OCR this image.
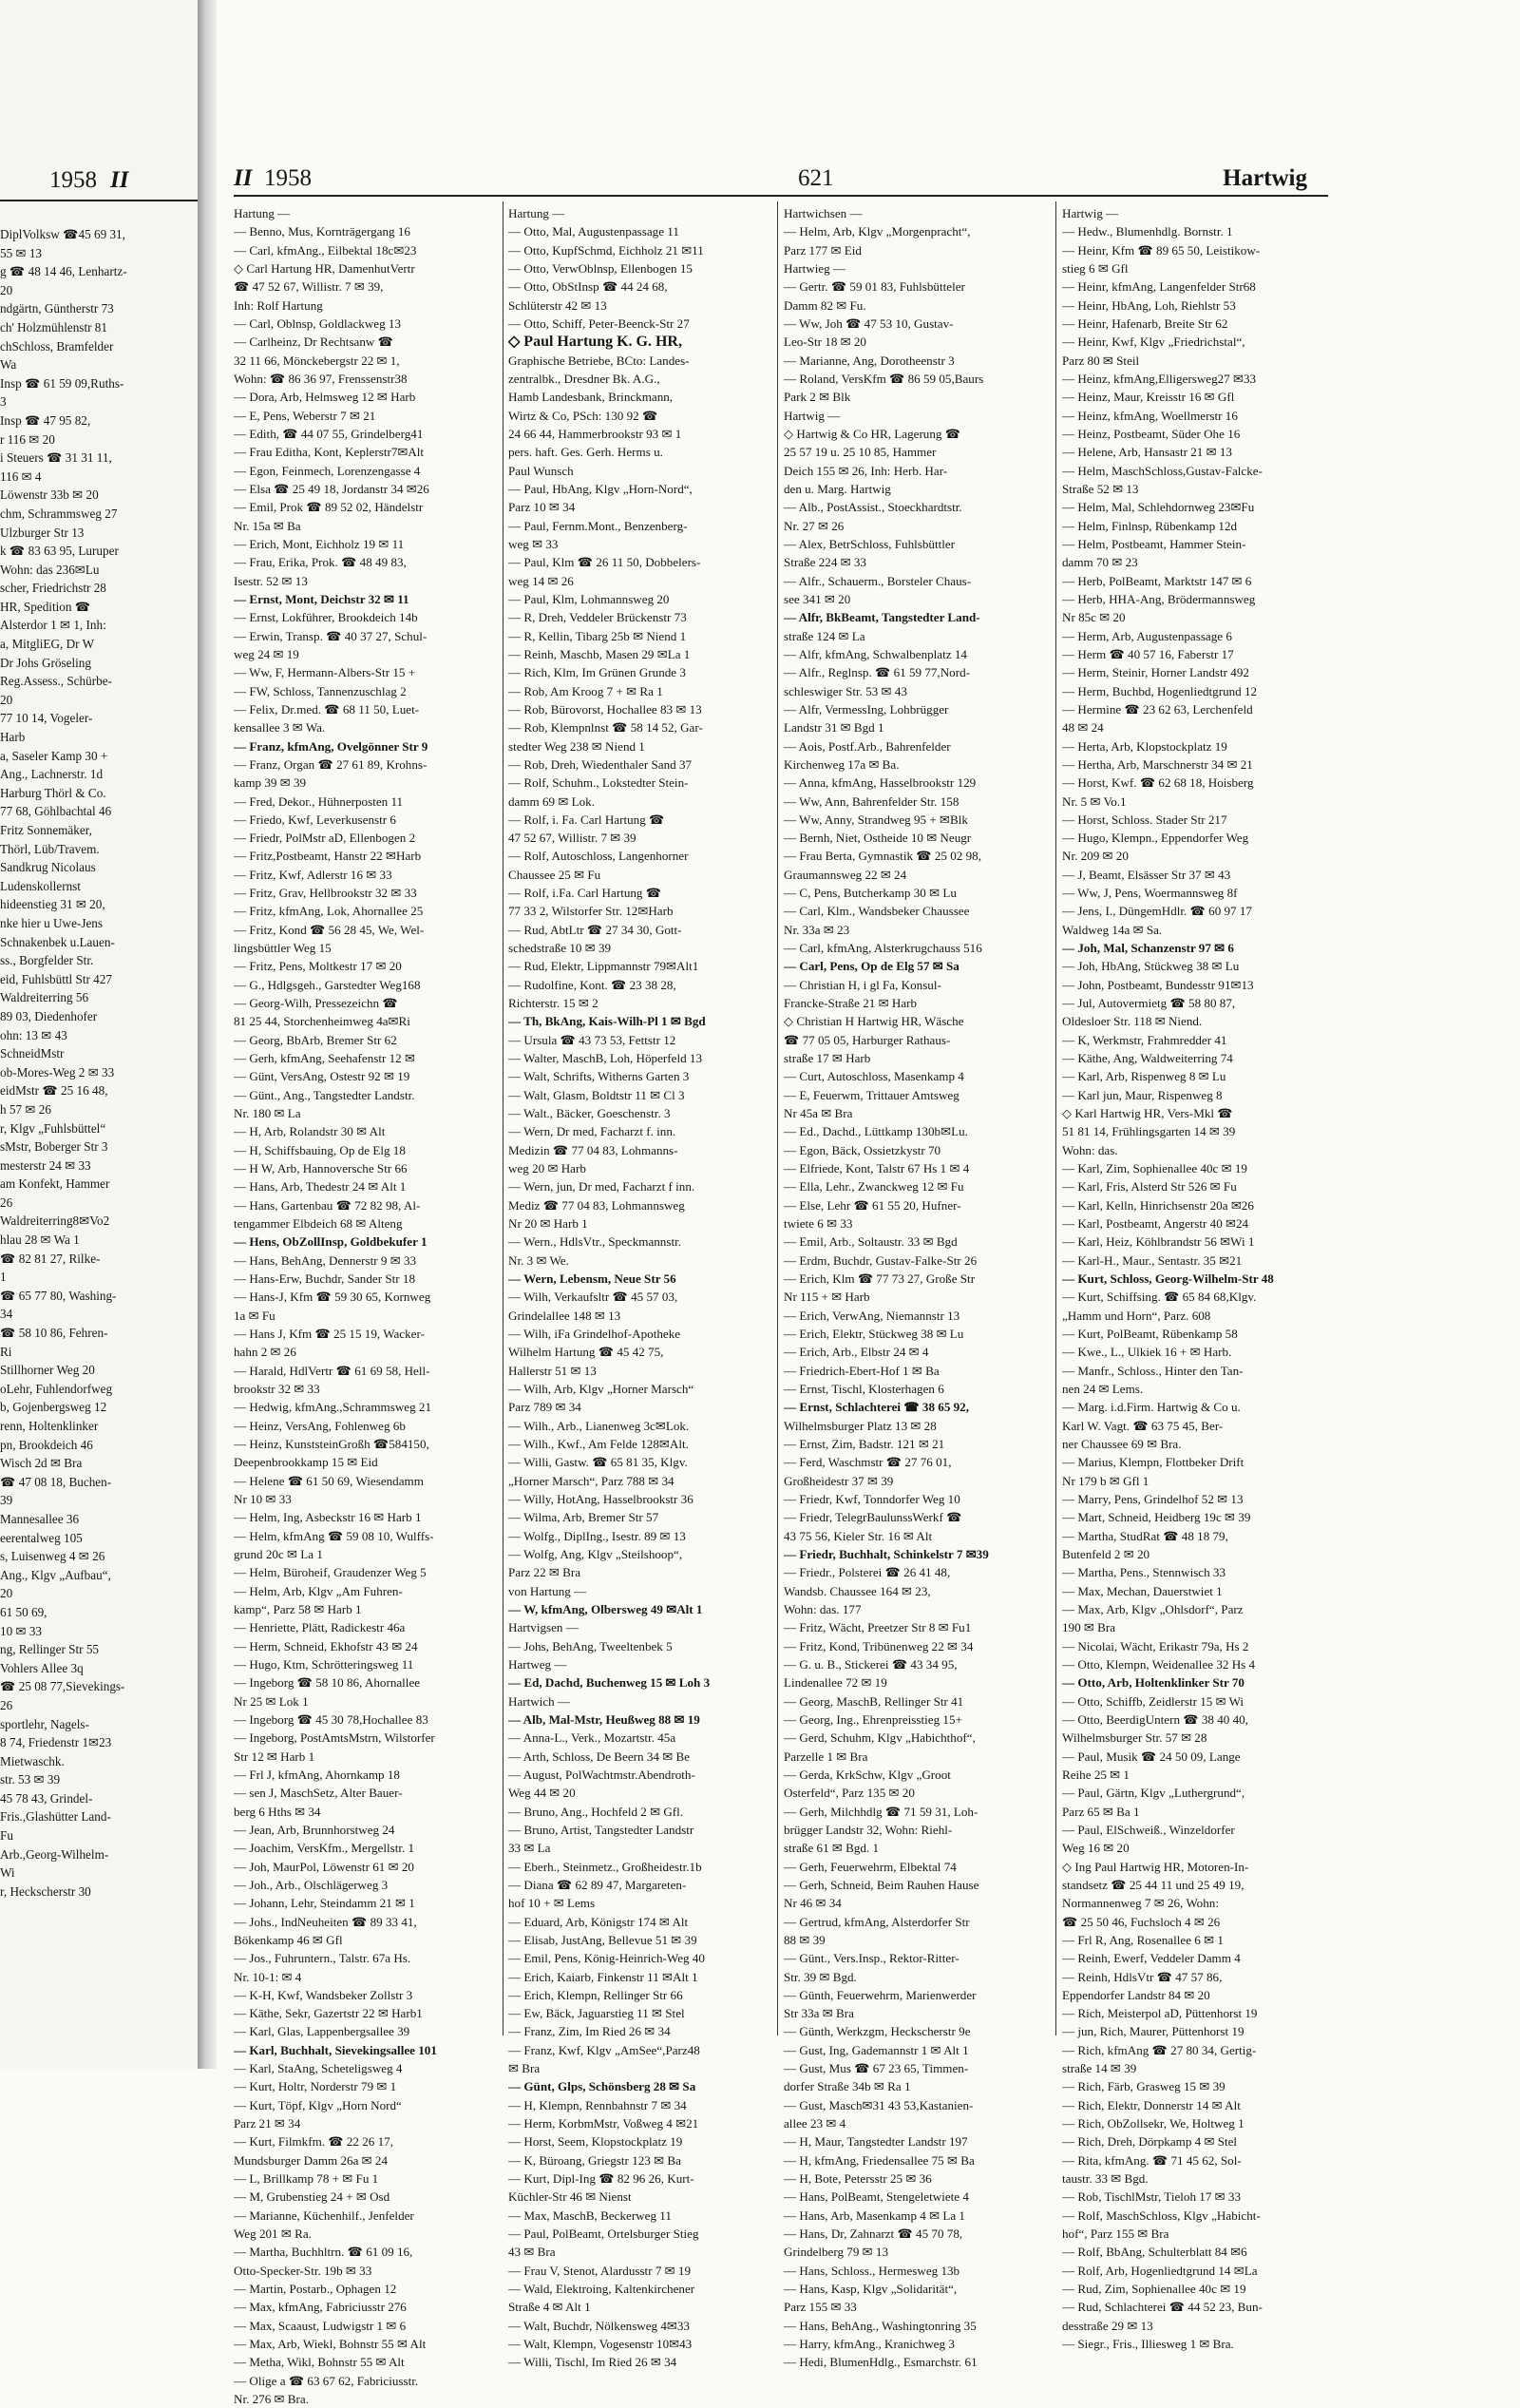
1958 II
DiplVolksw ☎45 69 31,
55 ✉ 13
g ☎ 48 14 46, Lenhartz-
20
ndgärtn, Güntherstr 73
ch' Holzmühlenstr 81
chSchloss, Bramfelder
Wa
Insp ☎ 61 59 09,Ruths-
3
Insp ☎ 47 95 82,
r 116 ✉ 20
i Steuers ☎ 31 31 11,
116 ✉ 4
Löwenstr 33b ✉ 20
chm, Schrammsweg 27
Ulzburger Str 13
k ☎ 83 63 95, Luruper
Wohn: das 236✉Lu
scher, Friedrichstr 28
HR, Spedition ☎
Alsterdor 1 ✉ 1, Inh:
a, MitgliEG, Dr W
Dr Johs Gröseling
Reg.Assess., Schürbe-
20
77 10 14, Vogeler-
Harb
a, Saseler Kamp 30 +
Ang., Lachnerstr. 1d
Harburg Thörl & Co.
77 68, Göhlbachtal 46
Fritz Sonnemäker,
Thörl, Lüb/Travem.
Sandkrug Nicolaus
Ludenskollernst
hideenstieg 31 ✉ 20,
nke hier u Uwe-Jens
Schnakenbek u.Lauen-
ss., Borgfelder Str.
eid, Fuhlsbüttl Str 427
Waldreiterring 56
89 03, Diedenhofer
ohn: 13 ✉ 43
SchneidMstr
ob-Mores-Weg 2 ✉ 33
eidMstr ☎ 25 16 48,
h 57 ✉ 26
r, Klgv „Fuhlsbüttel“
sMstr, Boberger Str 3
mesterstr 24 ✉ 33
am Konfekt, Hammer
26
Waldreiterring8✉Vo2
hlau 28 ✉ Wa 1
☎ 82 81 27, Rilke-
1
☎ 65 77 80, Washing-
34
☎ 58 10 86, Fehren-
Ri
Stillhorner Weg 20
oLehr, Fuhlendorfweg
b, Gojenbergsweg 12
renn, Holtenklinker
pn, Brookdeich 46
Wisch 2d ✉ Bra
☎ 47 08 18, Buchen-
39
Mannesallee 36
eerentalweg 105
s, Luisenweg 4 ✉ 26
Ang., Klgv „Aufbau“,
20
61 50 69,
10 ✉ 33
ng, Rellinger Str 55
Vohlers Allee 3q
☎ 25 08 77,Sievekings-
26
sportlehr, Nagels-
8 74, Friedenstr 1✉23
Mietwaschk.
str. 53 ✉ 39
45 78 43, Grindel-
Fris.,Glashütter Land-
Fu
Arb.,Georg-Wilhelm-
Wi
r, Heckscherstr 30
II 1958	621	Hartwig
Hartung —
— Benno, Mus, Kornträgergang 16
— Carl, kfmAng., Eilbektal 18c✉23
◇ Carl Hartung HR, DamenhutVertr
☎ 47 52 67, Willistr. 7 ✉ 39,
Inh: Rolf Hartung
— Carl, Oblnsp, Goldlackweg 13
— Carlheinz, Dr Rechtsanw ☎
32 11 66, Mönckebergstr 22 ✉ 1,
Wohn: ☎ 86 36 97, Frenssenstr38
— Dora, Arb, Helmsweg 12 ✉ Harb
— E, Pens, Weberstr 7 ✉ 21
— Edith, ☎ 44 07 55, Grindelberg41
— Frau Editha, Kont, Keplerstr7✉Alt
— Egon, Feinmech, Lorenzengasse 4
— Elsa ☎ 25 49 18, Jordanstr 34 ✉26
— Emil, Prok ☎ 89 52 02, Händelstr
Nr. 15a ✉ Ba
— Erich, Mont, Eichholz 19 ✉ 11
— Frau, Erika, Prok. ☎ 48 49 83,
Isestr. 52 ✉ 13
— Ernst, Mont, Deichstr 32 ✉ 11
— Ernst, Lokführer, Brookdeich 14b
— Erwin, Transp. ☎ 40 37 27, Schul-
weg 24 ✉ 19
— Ww, F, Hermann-Albers-Str 15 +
— FW, Schloss, Tannenzuschlag 2
— Felix, Dr.med. ☎ 68 11 50, Luet-
kensallee 3 ✉ Wa.
— Franz, kfmAng, Ovelgönner Str 9
— Franz, Organ ☎ 27 61 89, Krohns-
kamp 39 ✉ 39
— Fred, Dekor., Hühnerposten 11
— Friedo, Kwf, Leverkusenstr 6
— Friedr, PolMstr aD, Ellenbogen 2
— Fritz,Postbeamt, Hanstr 22 ✉Harb
— Fritz, Kwf, Adlerstr 16 ✉ 33
— Fritz, Grav, Hellbrookstr 32 ✉ 33
— Fritz, kfmAng, Lok, Ahornallee 25
— Fritz, Kond ☎ 56 28 45, We, Wel-
lingsbüttler Weg 15
— Fritz, Pens, Moltkestr 17 ✉ 20
— G., Hdlgsgeh., Garstedter Weg168
— Georg-Wilh, Pressezeichn ☎
81 25 44, Storchenheimweg 4a✉Ri
— Georg, BbArb, Bremer Str 62
— Gerh, kfmAng, Seehafenstr 12 ✉
— Günt, VersAng, Ostestr 92 ✉ 19
— Günt., Ang., Tangstedter Landstr.
Nr. 180 ✉ La
— H, Arb, Rolandstr 30 ✉ Alt
— H, Schiffsbauing, Op de Elg 18
— H W, Arb, Hannoversche Str 66
— Hans, Arb, Thedestr 24 ✉ Alt 1
— Hans, Gartenbau ☎ 72 82 98, Al-
tengammer Elbdeich 68 ✉ Alteng
— Hens, ObZollInsp, Goldbekufer 1
— Hans, BehAng, Dennerstr 9 ✉ 33
— Hans-Erw, Buchdr, Sander Str 18
— Hans-J, Kfm ☎ 59 30 65, Kornweg
1a ✉ Fu
— Hans J, Kfm ☎ 25 15 19, Wacker-
hahn 2 ✉ 26
— Harald, HdlVertr ☎ 61 69 58, Hell-
brookstr 32 ✉ 33
— Hedwig, kfmAng.,Schrammsweg 21
— Heinz, VersAng, Fohlenweg 6b
— Heinz, KunststeinGroßh ☎584150,
Deepenbrookkamp 15 ✉ Eid
— Helene ☎ 61 50 69, Wiesendamm
Nr 10 ✉ 33
— Helm, Ing, Asbeckstr 16 ✉ Harb 1
— Helm, kfmAng ☎ 59 08 10, Wulffs-
grund 20c ✉ La 1
— Helm, Büroheif, Graudenzer Weg 5
— Helm, Arb, Klgv „Am Fuhren-
kamp“, Parz 58 ✉ Harb 1
— Henriette, Plätt, Radickestr 46a
— Herm, Schneid, Ekhofstr 43 ✉ 24
— Hugo, Ktm, Schrötteringsweg 11
— Ingeborg ☎ 58 10 86, Ahornallee
Nr 25 ✉ Lok 1
— Ingeborg ☎ 45 30 78,Hochallee 83
— Ingeborg, PostAmtsMstrn, Wilstorfer
Str 12 ✉ Harb 1
— Frl J, kfmAng, Ahornkamp 18
— sen J, MaschSetz, Alter Bauer-
berg 6 Hths ✉ 34
— Jean, Arb, Brunnhorstweg 24
— Joachim, VersKfm., Mergellstr. 1
— Joh, MaurPol, Löwenstr 61 ✉ 20
— Joh., Arb., Olschlägerweg 3
— Johann, Lehr, Steindamm 21 ✉ 1
— Johs., IndNeuheiten ☎ 89 33 41,
Bökenkamp 46 ✉ Gfl
— Jos., Fuhruntern., Talstr. 67a Hs.
Nr. 10-1: ✉ 4
— K-H, Kwf, Wandsbeker Zollstr 3
— Käthe, Sekr, Gazertstr 22 ✉ Harb1
— Karl, Glas, Lappenbergsallee 39
— Karl, Buchhalt, Sievekingsallee 101
— Karl, StaAng, Scheteligsweg 4
— Kurt, Holtr, Norderstr 79 ✉ 1
— Kurt, Töpf, Klgv „Horn Nord“
Parz 21 ✉ 34
— Kurt, Filmkfm. ☎ 22 26 17,
Mundsburger Damm 26a ✉ 24
— L, Brillkamp 78 + ✉ Fu 1
— M, Grubenstieg 24 + ✉ Osd
— Marianne, Küchenhilf., Jenfelder
Weg 201 ✉ Ra.
— Martha, Buchhltrn. ☎ 61 09 16,
Otto-Specker-Str. 19b ✉ 33
— Martin, Postarb., Ophagen 12
— Max, kfmAng, Fabriciusstr 276
— Max, Scaaust, Ludwigstr 1 ✉ 6
— Max, Arb, Wiekl, Bohnstr 55 ✉ Alt
— Metha, Wikl, Bohnstr 55 ✉ Alt
— Olige a ☎ 63 67 62, Fabriciusstr.
Nr. 276 ✉ Bra.
Hartung —
— Otto, Mal, Augustenpassage 11
— Otto, KupfSchmd, Eichholz 21 ✉11
— Otto, VerwOblnsp, Ellenbogen 15
— Otto, ObStInsp ☎ 44 24 68,
Schlüterstr 42 ✉ 13
— Otto, Schiff, Peter-Beenck-Str 27
◇ Paul Hartung K. G. HR,
Graphische Betriebe, BCto: Landes-
zentralbk., Dresdner Bk. A.G.,
Hamb Landesbank, Brinckmann,
Wirtz & Co, PSch: 130 92 ☎
24 66 44, Hammerbrookstr 93 ✉ 1
pers. haft. Ges. Gerh. Herms u.
Paul Wunsch
— Paul, HbAng, Klgv „Horn-Nord“,
Parz 10 ✉ 34
— Paul, Fernm.Mont., Benzenberg-
weg ✉ 33
— Paul, Klm ☎ 26 11 50, Dobbelers-
weg 14 ✉ 26
— Paul, Klm, Lohmannsweg 20
— R, Dreh, Veddeler Brückenstr 73
— R, Kellin, Tibarg 25b ✉ Niend 1
— Reinh, Maschb, Masen 29 ✉La 1
— Rich, Klm, Im Grünen Grunde 3
— Rob, Am Kroog 7 + ✉ Ra 1
— Rob, Bürovorst, Hochallee 83 ✉ 13
— Rob, Klempnlnst ☎ 58 14 52, Gar-
stedter Weg 238 ✉ Niend 1
— Rob, Dreh, Wiedenthaler Sand 37
— Rolf, Schuhm., Lokstedter Stein-
damm 69 ✉ Lok.
— Rolf, i. Fa. Carl Hartung ☎
47 52 67, Willistr. 7 ✉ 39
— Rolf, Autoschloss, Langenhorner
Chaussee 25 ✉ Fu
— Rolf, i.Fa. Carl Hartung ☎
77 33 2, Wilstorfer Str. 12✉Harb
— Rud, AbtLtr ☎ 27 34 30, Gott-
schedstraße 10 ✉ 39
— Rud, Elektr, Lippmannstr 79✉Alt1
— Rudolfine, Kont. ☎ 23 38 28,
Richterstr. 15 ✉ 2
— Th, BkAng, Kais-Wilh-Pl 1 ✉ Bgd
— Ursula ☎ 43 73 53, Fettstr 12
— Walter, MaschB, Loh, Höperfeld 13
— Walt, Schrifts, Witherns Garten 3
— Walt, Glasm, Boldtstr 11 ✉ Cl 3
— Walt., Bäcker, Goeschenstr. 3
— Wern, Dr med, Facharzt f. inn.
Medizin ☎ 77 04 83, Lohmanns-
weg 20 ✉ Harb
— Wern, jun, Dr med, Facharzt f inn.
Mediz ☎ 77 04 83, Lohmannsweg
Nr 20 ✉ Harb 1
— Wern., HdlsVtr., Speckmannstr.
Nr. 3 ✉ We.
— Wern, Lebensm, Neue Str 56
— Wilh, Verkaufsltr ☎ 45 57 03,
Grindelallee 148 ✉ 13
— Wilh, iFa Grindelhof-Apotheke
Wilhelm Hartung ☎ 45 42 75,
Hallerstr 51 ✉ 13
— Wilh, Arb, Klgv „Horner Marsch“
Parz 789 ✉ 34
— Wilh., Arb., Lianenweg 3c✉Lok.
— Wilh., Kwf., Am Felde 128✉Alt.
— Willi, Gastw. ☎ 65 81 35, Klgv.
„Horner Marsch“, Parz 788 ✉ 34
— Willy, HotAng, Hasselbrookstr 36
— Wilma, Arb, Bremer Str 57
— Wolfg., DiplIng., Isestr. 89 ✉ 13
— Wolfg, Ang, Klgv „Steilshoop“,
Parz 22 ✉ Bra
von Hartung —
— W, kfmAng, Olbersweg 49 ✉Alt 1
Hartvigsen —
— Johs, BehAng, Tweeltenbek 5
Hartweg —
— Ed, Dachd, Buchenweg 15 ✉ Loh 3
Hartwich —
— Alb, Mal-Mstr, Heußweg 88 ✉ 19
— Anna-L., Verk., Mozartstr. 45a
— Arth, Schloss, De Beern 34 ✉ Be
— August, PolWachtmstr.Abendroth-
Weg 44 ✉ 20
— Bruno, Ang., Hochfeld 2 ✉ Gfl.
— Bruno, Artist, Tangstedter Landstr
33 ✉ La
— Eberh., Steinmetz., Großheidestr.1b
— Diana ☎ 62 89 47, Margareten-
hof 10 + ✉ Lems
— Eduard, Arb, Königstr 174 ✉ Alt
— Elisab, JustAng, Bellevue 51 ✉ 39
— Emil, Pens, König-Heinrich-Weg 40
— Erich, Kaiarb, Finkenstr 11 ✉Alt 1
— Erich, Klempn, Rellinger Str 66
— Ew, Bäck, Jaguarstieg 11 ✉ Stel
— Franz, Zim, Im Ried 26 ✉ 34
— Franz, Kwf, Klgv „AmSee“,Parz48
✉ Bra
— Günt, Glps, Schönsberg 28 ✉ Sa
— H, Klempn, Rennbahnstr 7 ✉ 34
— Herm, KorbmMstr, Voßweg 4 ✉21
— Horst, Seem, Klopstockplatz 19
— K, Büroang, Griegstr 123 ✉ Ba
— Kurt, Dipl-Ing ☎ 82 96 26, Kurt-
Küchler-Str 46 ✉ Nienst
— Max, MaschB, Beckerweg 11
— Paul, PolBeamt, Ortelsburger Stieg
43 ✉ Bra
— Frau V, Stenot, Alardusstr 7 ✉ 19
— Wald, Elektroing, Kaltenkirchener
Straße 4 ✉ Alt 1
— Walt, Buchdr, Nölkensweg 4✉33
— Walt, Klempn, Vogesenstr 10✉43
— Willi, Tischl, Im Ried 26 ✉ 34
Hartwichsen —
— Helm, Arb, Klgv „Morgenpracht“,
Parz 177 ✉ Eid
Hartwieg —
— Gertr. ☎ 59 01 83, Fuhlsbütteler
Damm 82 ✉ Fu.
— Ww, Joh ☎ 47 53 10, Gustav-
Leo-Str 18 ✉ 20
— Marianne, Ang, Dorotheenstr 3
— Roland, VersKfm ☎ 86 59 05,Baurs
Park 2 ✉ Blk
Hartwig —
◇ Hartwig & Co HR, Lagerung ☎
25 57 19 u. 25 10 85, Hammer
Deich 155 ✉ 26, Inh: Herb. Har-
den u. Marg. Hartwig
— Alb., PostAssist., Stoeckhardtstr.
Nr. 27 ✉ 26
— Alex, BetrSchloss, Fuhlsbüttler
Straße 224 ✉ 33
— Alfr., Schauerm., Borsteler Chaus-
see 341 ✉ 20
— Alfr, BkBeamt, Tangstedter Land-
straße 124 ✉ La
— Alfr, kfmAng, Schwalbenplatz 14
— Alfr., Reglnsp. ☎ 61 59 77,Nord-
schleswiger Str. 53 ✉ 43
— Alfr, VermessIng, Lohbrügger
Landstr 31 ✉ Bgd 1
— Aois, Postf.Arb., Bahrenfelder
Kirchenweg 17a ✉ Ba.
— Anna, kfmAng, Hasselbrookstr 129
— Ww, Ann, Bahrenfelder Str. 158
— Ww, Anny, Strandweg 95 + ✉Blk
— Bernh, Niet, Ostheide 10 ✉ Neugr
— Frau Berta, Gymnastik ☎ 25 02 98,
Graumannsweg 22 ✉ 24
— C, Pens, Butcherkamp 30 ✉ Lu
— Carl, Klm., Wandsbeker Chaussee
Nr. 33a ✉ 23
— Carl, kfmAng, Alsterkrugchauss 516
— Carl, Pens, Op de Elg 57 ✉ Sa
— Christian H, i gl Fa, Konsul-
Francke-Straße 21 ✉ Harb
◇ Christian H Hartwig HR, Wäsche
☎ 77 05 05, Harburger Rathaus-
straße 17 ✉ Harb
— Curt, Autoschloss, Masenkamp 4
— E, Feuerwm, Trittauer Amtsweg
Nr 45a ✉ Bra
— Ed., Dachd., Lüttkamp 130b✉Lu.
— Egon, Bäck, Ossietzkystr 70
— Elfriede, Kont, Talstr 67 Hs 1 ✉ 4
— Ella, Lehr., Zwanckweg 12 ✉ Fu
— Else, Lehr ☎ 61 55 20, Hufner-
twiete 6 ✉ 33
— Emil, Arb., Soltaustr. 33 ✉ Bgd
— Erdm, Buchdr, Gustav-Falke-Str 26
— Erich, Klm ☎ 77 73 27, Große Str
Nr 115 + ✉ Harb
— Erich, VerwAng, Niemannstr 13
— Erich, Elektr, Stückweg 38 ✉ Lu
— Erich, Arb., Elbstr 24 ✉ 4
— Friedrich-Ebert-Hof 1 ✉ Ba
— Ernst, Tischl, Klosterhagen 6
— Ernst, Schlachterei ☎ 38 65 92,
Wilhelmsburger Platz 13 ✉ 28
— Ernst, Zim, Badstr. 121 ✉ 21
— Ferd, Waschmstr ☎ 27 76 01,
Großheidestr 37 ✉ 39
— Friedr, Kwf, Tonndorfer Weg 10
— Friedr, TelegrBaulunssWerkf ☎
43 75 56, Kieler Str. 16 ✉ Alt
— Friedr, Buchhalt, Schinkelstr 7 ✉39
— Friedr., Polsterei ☎ 26 41 48,
Wandsb. Chaussee 164 ✉ 23,
Wohn: das. 177
— Fritz, Wächt, Preetzer Str 8 ✉ Fu1
— Fritz, Kond, Tribünenweg 22 ✉ 34
— G. u. B., Stickerei ☎ 43 34 95,
Lindenallee 72 ✉ 19
— Georg, MaschB, Rellinger Str 41
— Georg, Ing., Ehrenpreisstieg 15+
— Gerd, Schuhm, Klgv „Habichthof“,
Parzelle 1 ✉ Bra
— Gerda, KrkSchw, Klgv „Groot
Osterfeld“, Parz 135 ✉ 20
— Gerh, Milchhdlg ☎ 71 59 31, Loh-
brügger Landstr 32, Wohn: Riehl-
straße 61 ✉ Bgd. 1
— Gerh, Feuerwehrm, Elbektal 74
— Gerh, Schneid, Beim Rauhen Hause
Nr 46 ✉ 34
— Gertrud, kfmAng, Alsterdorfer Str
88 ✉ 39
— Günt., Vers.Insp., Rektor-Ritter-
Str. 39 ✉ Bgd.
— Günth, Feuerwehrm, Marienwerder
Str 33a ✉ Bra
— Günth, Werkzgm, Heckscherstr 9e
— Gust, Ing, Gademannstr 1 ✉ Alt 1
— Gust, Mus ☎ 67 23 65, Timmen-
dorfer Straße 34b ✉ Ra 1
— Gust, Masch✉31 43 53,Kastanien-
allee 23 ✉ 4
— H, Maur, Tangstedter Landstr 197
— H, kfmAng, Friedensallee 75 ✉ Ba
— H, Bote, Petersstr 25 ✉ 36
— Hans, PolBeamt, Stengeletwiete 4
— Hans, Arb, Masenkamp 4 ✉ La 1
— Hans, Dr, Zahnarzt ☎ 45 70 78,
Grindelberg 79 ✉ 13
— Hans, Schloss., Hermesweg 13b
— Hans, Kasp, Klgv „Solidarität“,
Parz 155 ✉ 33
— Hans, BehAng., Washingtonring 35
— Harry, kfmAng., Kranichweg 3
— Hedi, BlumenHdlg., Esmarchstr. 61
Hartwig —
— Hedw., Blumenhdlg. Bornstr. 1
— Heinr, Kfm ☎ 89 65 50, Leistikow-
stieg 6 ✉ Gfl
— Heinr, kfmAng, Langenfelder Str68
— Heinr, HbAng, Loh, Riehlstr 53
— Heinr, Hafenarb, Breite Str 62
— Heinr, Kwf, Klgv „Friedrichstal“,
Parz 80 ✉ Steil
— Heinz, kfmAng,Elligersweg27 ✉33
— Heinz, Maur, Kreisstr 16 ✉ Gfl
— Heinz, kfmAng, Woellmerstr 16
— Heinz, Postbeamt, Süder Ohe 16
— Helene, Arb, Hansastr 21 ✉ 13
— Helm, MaschSchloss,Gustav-Falcke-
Straße 52 ✉ 13
— Helm, Mal, Schlehdornweg 23✉Fu
— Helm, Finlnsp, Rübenkamp 12d
— Helm, Postbeamt, Hammer Stein-
damm 70 ✉ 23
— Herb, PolBeamt, Marktstr 147 ✉ 6
— Herb, HHA-Ang, Brödermannsweg
Nr 85c ✉ 20
— Herm, Arb, Augustenpassage 6
— Herm ☎ 40 57 16, Faberstr 17
— Herm, Steinir, Horner Landstr 492
— Herm, Buchbd, Hogenliedtgrund 12
— Hermine ☎ 23 62 63, Lerchenfeld
48 ✉ 24
— Herta, Arb, Klopstockplatz 19
— Hertha, Arb, Marschnerstr 34 ✉ 21
— Horst, Kwf. ☎ 62 68 18, Hoisberg
Nr. 5 ✉ Vo.1
— Horst, Schloss. Stader Str 217
— Hugo, Klempn., Eppendorfer Weg
Nr. 209 ✉ 20
— J, Beamt, Elsässer Str 37 ✉ 43
— Ww, J, Pens, Woermannsweg 8f
— Jens, I., DüngemHdlr. ☎ 60 97 17
Waldweg 14a ✉ Sa.
— Joh, Mal, Schanzenstr 97 ✉ 6
— Joh, HbAng, Stückweg 38 ✉ Lu
— John, Postbeamt, Bundesstr 91✉13
— Jul, Autovermietg ☎ 58 80 87,
Oldesloer Str. 118 ✉ Niend.
— K, Werkmstr, Frahmredder 41
— Käthe, Ang, Waldweiterring 74
— Karl, Arb, Rispenweg 8 ✉ Lu
— Karl jun, Maur, Rispenweg 8
◇ Karl Hartwig HR, Vers-Mkl ☎
51 81 14, Frühlingsgarten 14 ✉ 39
Wohn: das.
— Karl, Zim, Sophienallee 40c ✉ 19
— Karl, Fris, Alsterd Str 526 ✉ Fu
— Karl, Kelln, Hinrichsenstr 20a ✉26
— Karl, Postbeamt, Angerstr 40 ✉24
— Karl, Heiz, Köhlbrandstr 56 ✉Wi 1
— Karl-H., Maur., Sentastr. 35 ✉21
— Kurt, Schloss, Georg-Wilhelm-Str 48
— Kurt, Schiffsing. ☎ 65 84 68,Klgv.
„Hamm und Horn“, Parz. 608
— Kurt, PolBeamt, Rübenkamp 58
— Kwe., L., Ulkiek 16 + ✉ Harb.
— Manfr., Schloss., Hinter den Tan-
nen 24 ✉ Lems.
— Marg. i.d.Firm. Hartwig & Co u.
Karl W. Vagt. ☎ 63 75 45, Ber-
ner Chaussee 69 ✉ Bra.
— Marius, Klempn, Flottbeker Drift
Nr 179 b ✉ Gfl 1
— Marry, Pens, Grindelhof 52 ✉ 13
— Mart, Schneid, Heidberg 19c ✉ 39
— Martha, StudRat ☎ 48 18 79,
Butenfeld 2 ✉ 20
— Martha, Pens., Stennwisch 33
— Max, Mechan, Dauerstwiet 1
— Max, Arb, Klgv „Ohlsdorf“, Parz
190 ✉ Bra
— Nicolai, Wächt, Erikastr 79a, Hs 2
— Otto, Klempn, Weidenallee 32 Hs 4
— Otto, Arb, Holtenklinker Str 70
— Otto, Schiffb, Zeidlerstr 15 ✉ Wi
— Otto, BeerdigUntern ☎ 38 40 40,
Wilhelmsburger Str. 57 ✉ 28
— Paul, Musik ☎ 24 50 09, Lange
Reihe 25 ✉ 1
— Paul, Gärtn, Klgv „Luthergrund“,
Parz 65 ✉ Ba 1
— Paul, ElSchweiß., Winzeldorfer
Weg 16 ✉ 20
◇ Ing Paul Hartwig HR, Motoren-In-
standsetz ☎ 25 44 11 und 25 49 19,
Normannenweg 7 ✉ 26, Wohn:
☎ 25 50 46, Fuchsloch 4 ✉ 26
— Frl R, Ang, Rosenallee 6 ✉ 1
— Reinh, Ewerf, Veddeler Damm 4
— Reinh, HdlsVtr ☎ 47 57 86,
Eppendorfer Landstr 84 ✉ 20
— Rich, Meisterpol aD, Püttenhorst 19
— jun, Rich, Maurer, Püttenhorst 19
— Rich, kfmAng ☎ 27 80 34, Gertig-
straße 14 ✉ 39
— Rich, Färb, Grasweg 15 ✉ 39
— Rich, Elektr, Donnerstr 14 ✉ Alt
— Rich, ObZollsekr, We, Holtweg 1
— Rich, Dreh, Dörpkamp 4 ✉ Stel
— Rita, kfmAng. ☎ 71 45 62, Sol-
taustr. 33 ✉ Bgd.
— Rob, TischlMstr, Tieloh 17 ✉ 33
— Rolf, MaschSchloss, Klgv „Habicht-
hof“, Parz 155 ✉ Bra
— Rolf, BbAng, Schulterblatt 84 ✉6
— Rolf, Arb, Hogenliedtgrund 14 ✉La
— Rud, Zim, Sophienallee 40c ✉ 19
— Rud, Schlachterei ☎ 44 52 23, Bun-
desstraße 29 ✉ 13
— Siegr., Fris., Illiesweg 1 ✉ Bra.
